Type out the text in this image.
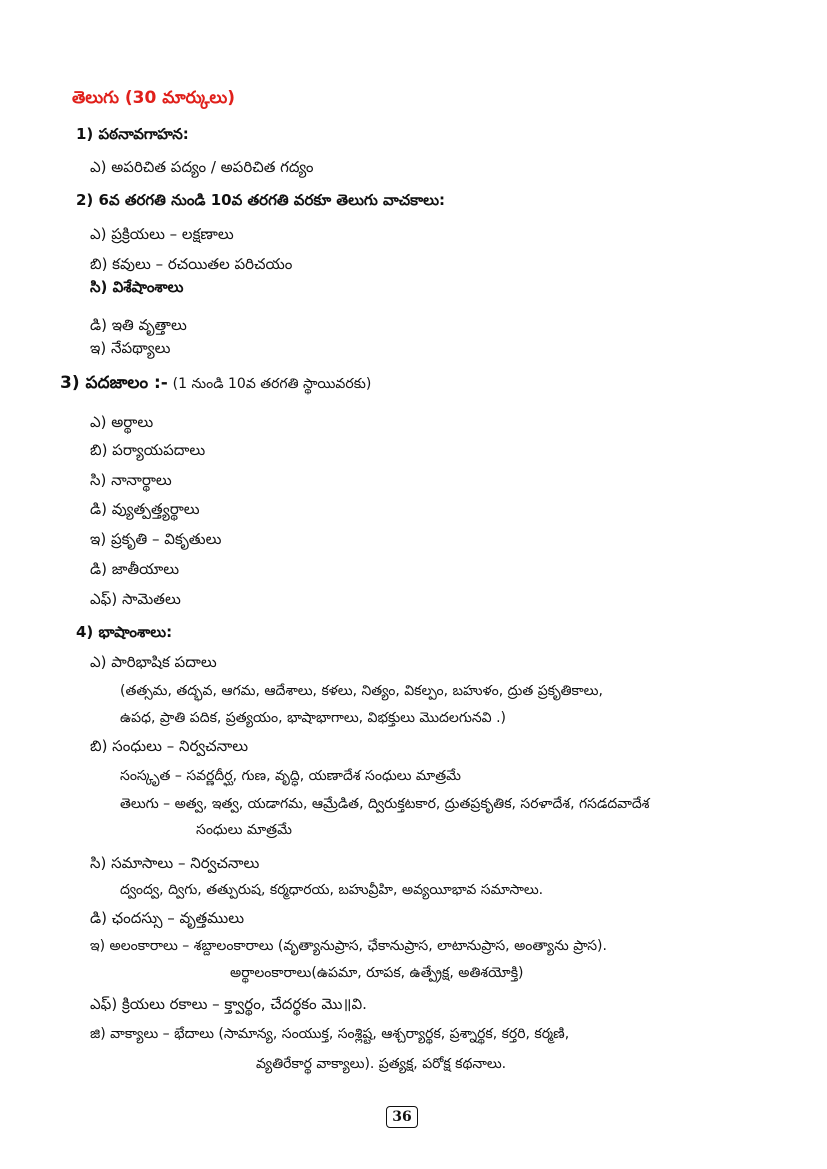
తెలుగు (30 మార్కులు)
1) పఠనావగాహన:
ఎ) అపరిచిత పద్యం / అపరిచిత గద్యం
2) 6వ తరగతి నుండి 10వ తరగతి వరకూ తెలుగు వాచకాలు:
ఎ) ప్రక్రియలు – లక్షణాలు
బి) కవులు – రచయితల పరిచయం
సి) విశేషాంశాలు
డి) ఇతి వృత్తాలు
ఇ) నేపథ్యాలు
3) పదజాలం :- (1 నుండి 10వ తరగతి స్థాయివరకు)
ఎ) అర్థాలు
బి) పర్యాయపదాలు
సి) నానార్థాలు
డి) వ్యుత్పత్త్యర్థాలు
ఇ) ప్రకృతి – వికృతులు
డి) జాతీయాలు
ఎఫ్) సామెతలు
4) భాషాంశాలు:
ఎ) పారిభాషిక పదాలు
(తత్సమ, తద్భవ, ఆగమ, ఆదేశాలు, కళలు, నిత్యం, వికల్పం, బహుళం, ద్రుత ప్రకృతికాలు,
ఉపధ, ప్రాతి పదిక, ప్రత్యయం, భాషాభాగాలు, విభక్తులు మొదలగునవి .)
బి) సంధులు – నిర్వచనాలు
సంస్కృత – సవర్ణదీర్ఘ, గుణ, వృద్ధి, యణాదేశ సంధులు మాత్రమే
తెలుగు – అత్వ, ఇత్వ, యడాగమ, ఆమ్రేడిత, ద్విరుక్తటకార, ద్రుతప్రకృతిక, సరళాదేశ, గసడదవాదేశ
సంధులు మాత్రమే
సి) సమాసాలు – నిర్వచనాలు
ద్వంద్వ, ద్విగు, తత్పురుష, కర్మధారయ, బహువ్రీహి, అవ్యయీభావ సమాసాలు.
డి) ఛందస్సు – వృత్తములు
ఇ) అలంకారాలు – శబ్దాలంకారాలు (వృత్యానుప్రాస, ఛేకానుప్రాస, లాటానుప్రాస, అంత్యాను ప్రాస).
అర్థాలంకారాలు(ఉపమా, రూపక, ఉత్ప్రేక్ష, అతిశయోక్తి)
ఎఫ్) క్రియలు రకాలు – క్త్వార్థం, చేదర్థకం మొ॥వి.
జి) వాక్యాలు – భేదాలు (సామాన్య, సంయుక్త, సంశ్లిష్ట, ఆశ్చర్యార్థక, ప్రశ్నార్థక, కర్తరి, కర్మణి,
వ్యతిరేకార్థ వాక్యాలు). ప్రత్యక్ష, పరోక్ష కథనాలు.
36
